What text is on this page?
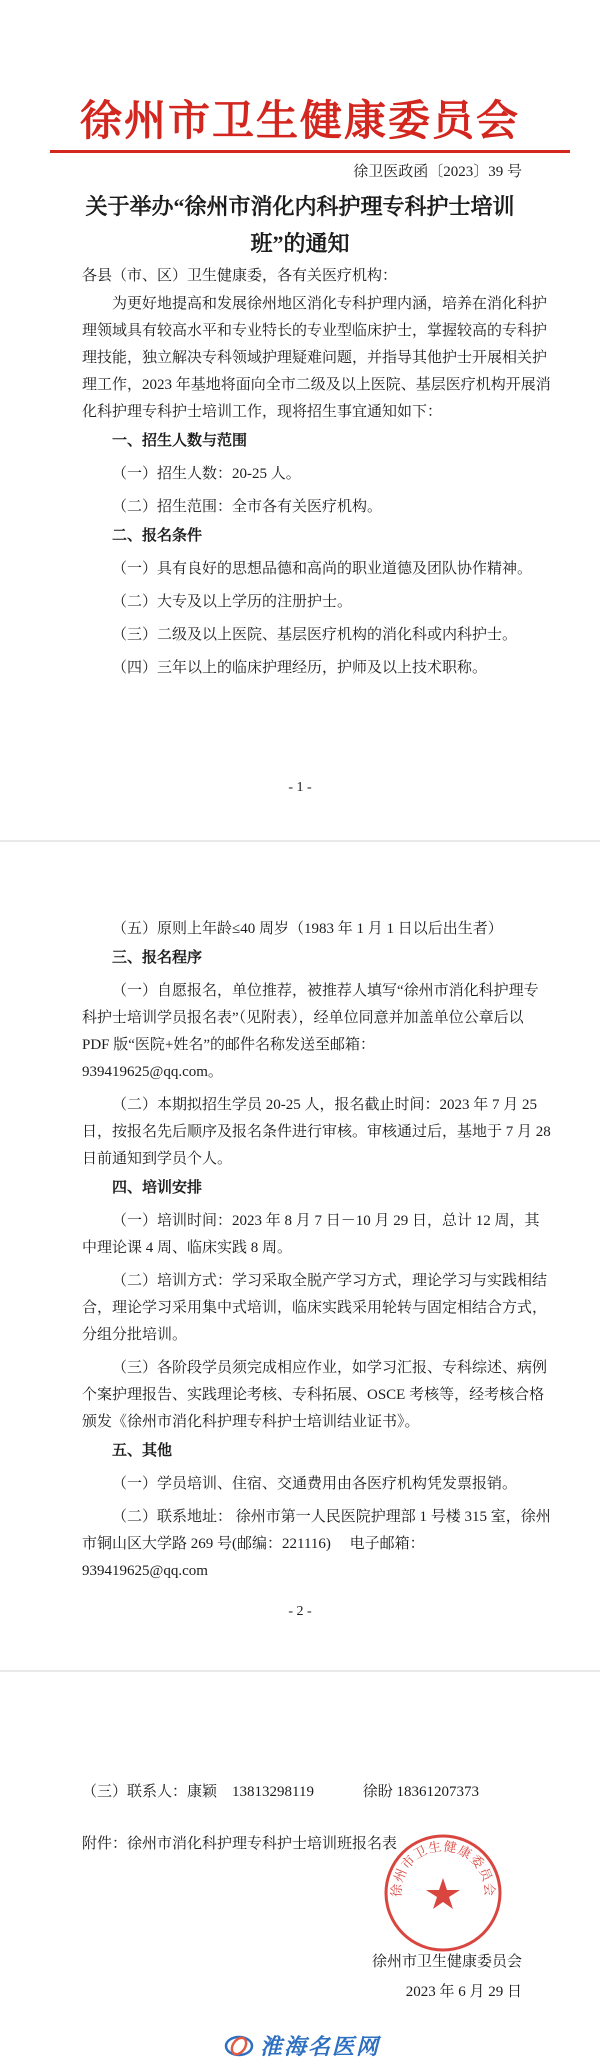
徐州市卫生健康委员会
徐卫医政函〔2023〕39 号
关于举办“徐州市消化内科护理专科护士培训
班”的通知
各县（市、区）卫生健康委，各有关医疗机构：

为更好地提高和发展徐州地区消化专科护理内涵，培养在消化科护理领域具有较高水平和专业特长的专业型临床护士，掌握较高的专科护理技能，独立解决专科领域护理疑难问题，并指导其他护士开展相关护理工作，2023 年基地将面向全市二级及以上医院、基层医疗机构开展消化科护理专科护士培训工作，现将招生事宜通知如下：

一、招生人数与范围

（一）招生人数：20-25 人。

（二）招生范围：全市各有关医疗机构。

二、报名条件

（一）具有良好的思想品德和高尚的职业道德及团队协作精神。

（二）大专及以上学历的注册护士。

（三）二级及以上医院、基层医疗机构的消化科或内科护士。

（四）三年以上的临床护理经历，护师及以上技术职称。

- 1 -

（五）原则上年龄≤40 周岁（1983 年 1 月 1 日以后出生者）

三、报名程序

（一）自愿报名，单位推荐，被推荐人填写“徐州市消化科护理专科护士培训学员报名表”（见附表），经单位同意并加盖单位公章后以 PDF 版“医院+姓名”的邮件名称发送至邮箱：

939419625@qq.com。

（二）本期拟招生学员 20-25 人，报名截止时间：2023 年 7 月 25 日，按报名先后顺序及报名条件进行审核。审核通过后，基地于 7 月 28 日前通知到学员个人。

四、培训安排

（一）培训时间：2023 年 8 月 7 日－10 月 29 日，总计 12 周，其中理论课 4 周、临床实践 8 周。

（二）培训方式：学习采取全脱产学习方式，理论学习与实践相结合，理论学习采用集中式培训，临床实践采用轮转与固定相结合方式，分组分批培训。

（三）各阶段学员须完成相应作业，如学习汇报、专科综述、病例个案护理报告、实践理论考核、专科拓展、OSCE 考核等，经考核合格颁发《徐州市消化科护理专科护士培训结业证书》。

五、其他

（一）学员培训、住宿、交通费用由各医疗机构凭发票报销。

（二）联系地址： 徐州市第一人民医院护理部 1 号楼 315 室，徐州市铜山区大学路 269 号(邮编：221116)　 电子邮箱：

939419625@qq.com

- 2 -
（三）联系人：康颖　13813298119　　　 徐盼 18361207373
附件：徐州市消化科护理专科护士培训班报名表
徐州市卫生健康委员会
徐州市卫生健康委员会
2023 年 6 月 29 日
淮海名医网
